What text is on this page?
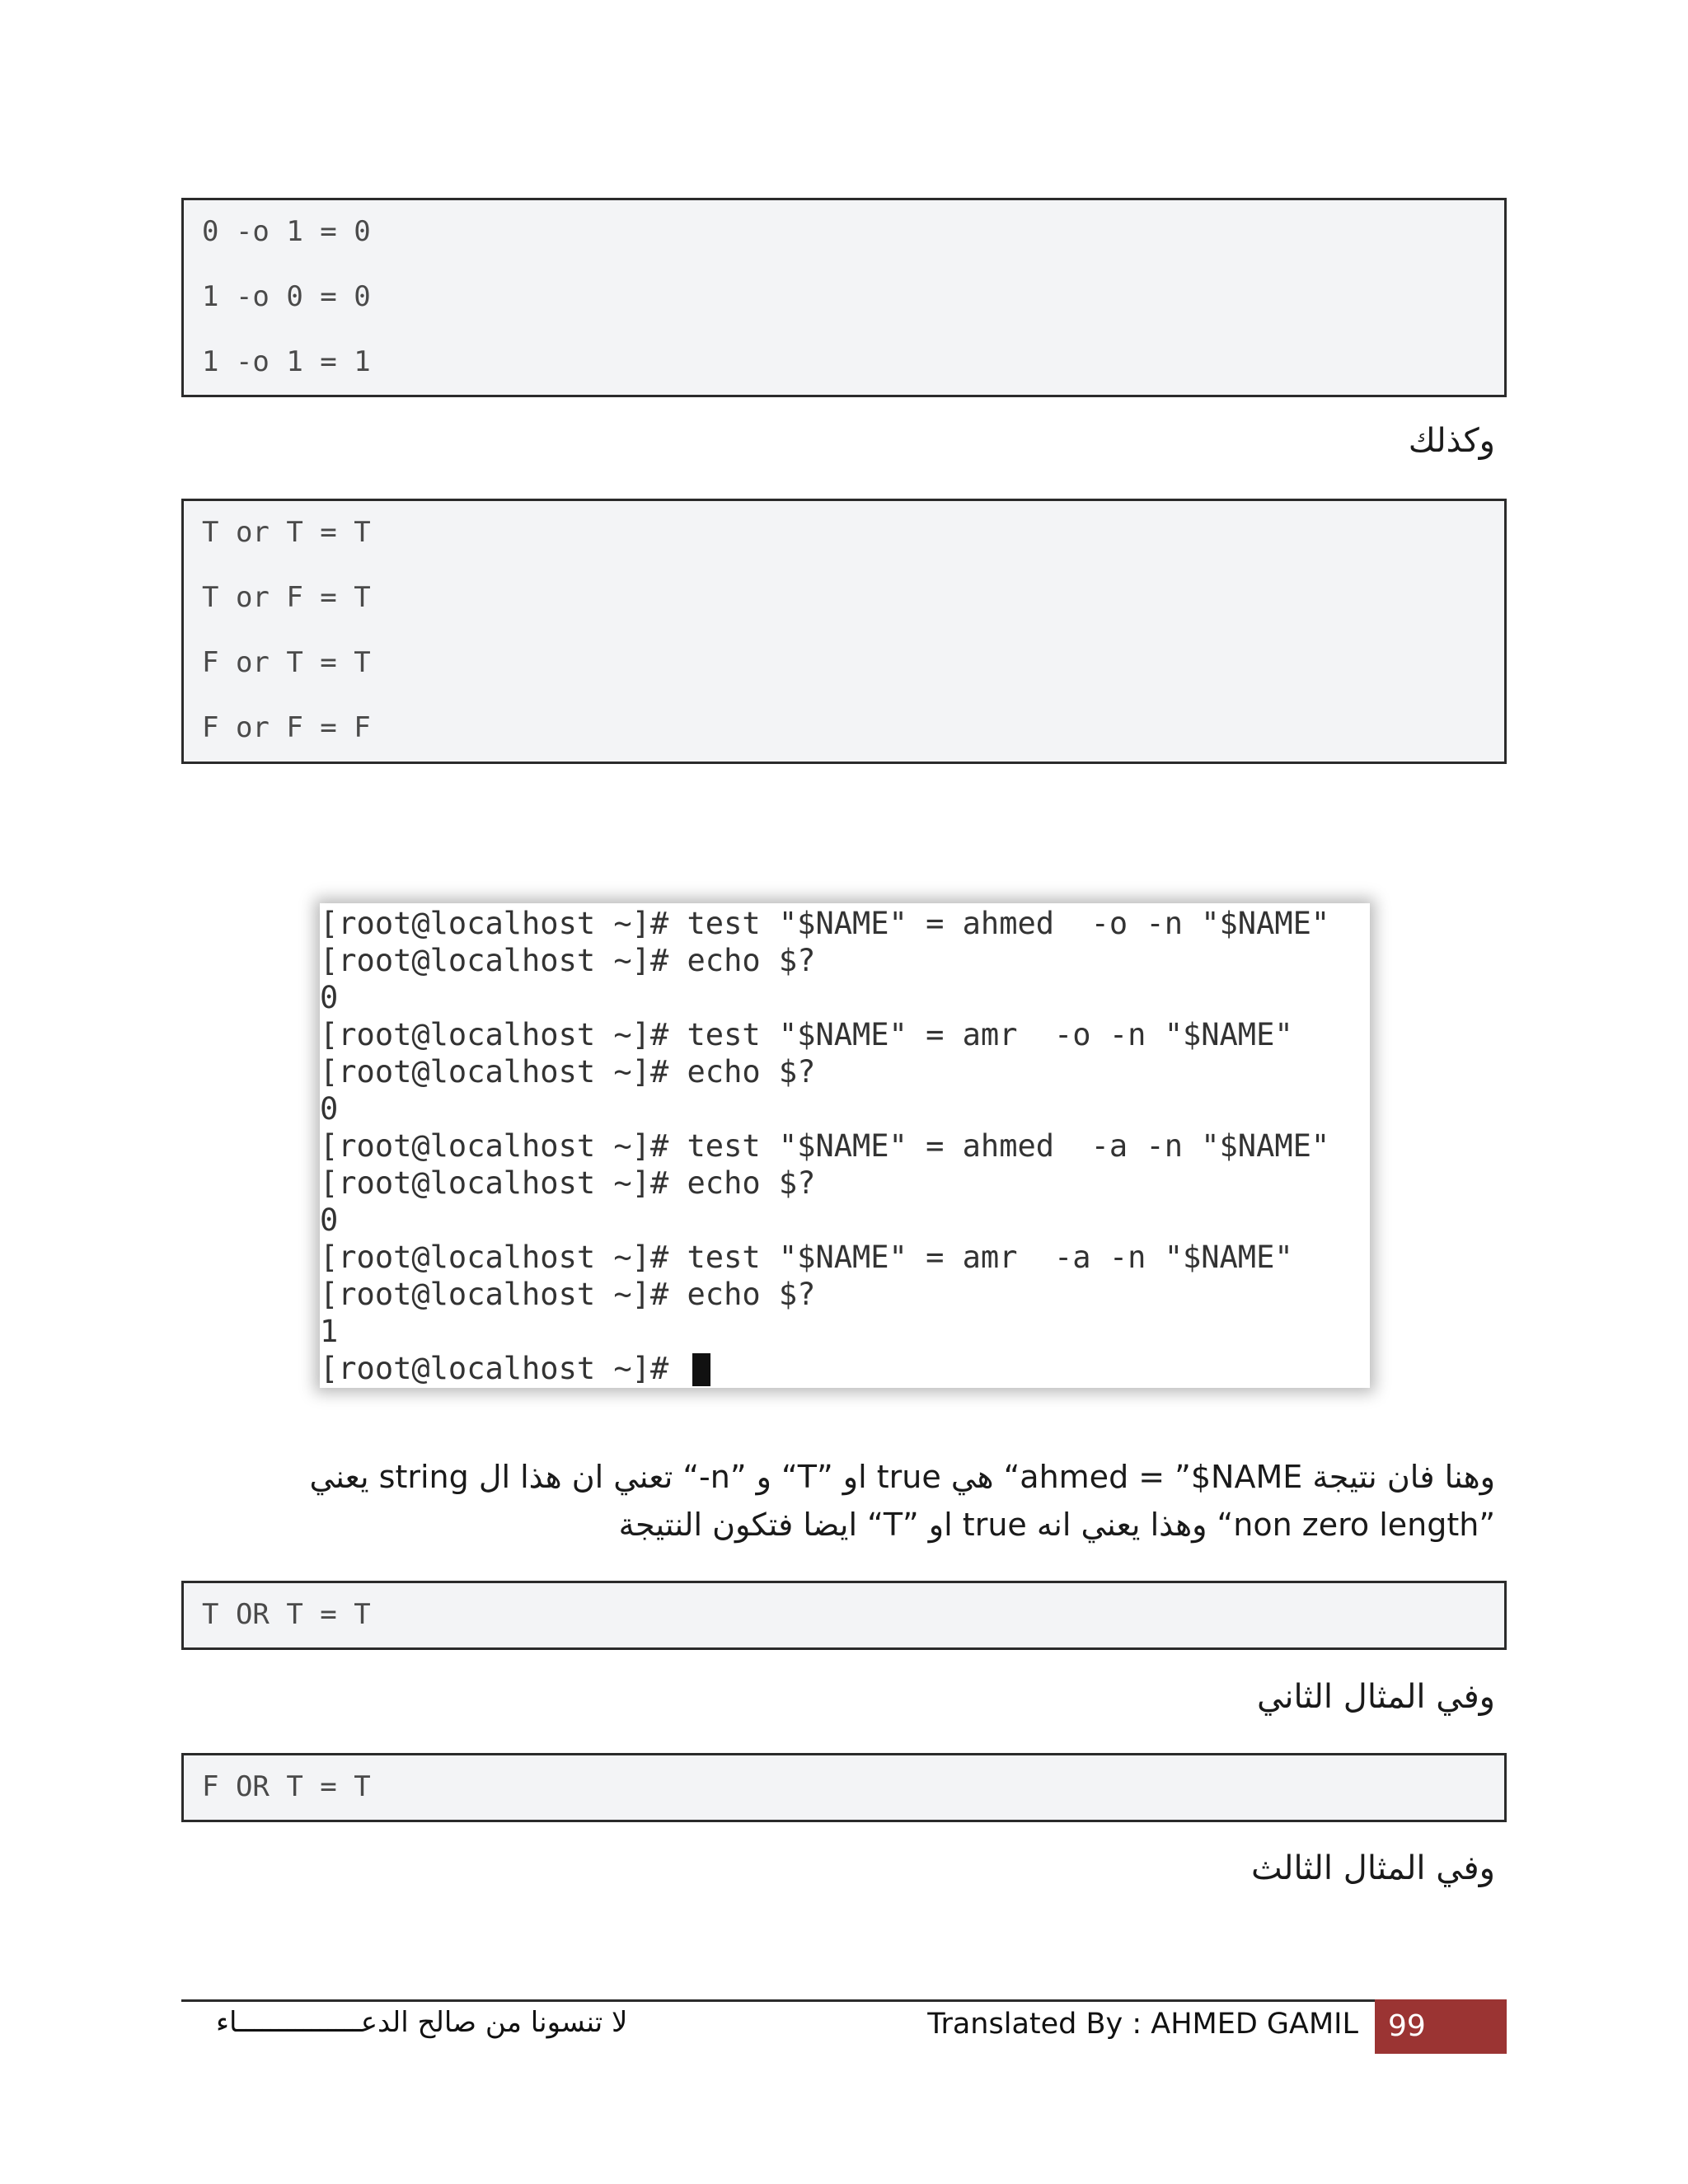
0 -o 1 = 0
1 -o 0 = 0
1 -o 1 = 1
وكذلك
T or T = T
T or F = T
F or T = T
F or F = F
[root@localhost ~]# test "$NAME" = ahmed  -o -n "$NAME"
[root@localhost ~]# echo $?
0
[root@localhost ~]# test "$NAME" = amr  -o -n "$NAME"
[root@localhost ~]# echo $?
0
[root@localhost ~]# test "$NAME" = ahmed  -a -n "$NAME"
[root@localhost ~]# echo $?
0
[root@localhost ~]# test "$NAME" = amr  -a -n "$NAME"
[root@localhost ~]# echo $?
1
[root@localhost ~]#
وهنا فان نتيجة ahmed = ”$NAME“ هي true او ”T“ و ”n-“ تعني ان هذا ال string يعني
”non zero length“ وهذا يعني انه true او ”T“ ايضا فتكون النتيجة
T OR T = T
وفي المثال الثاني
F OR T = T
وفي المثال الثالث
لا تنسونا من صالح الدعـــــــــــــــاء	Translated By : AHMED GAMIL	99
